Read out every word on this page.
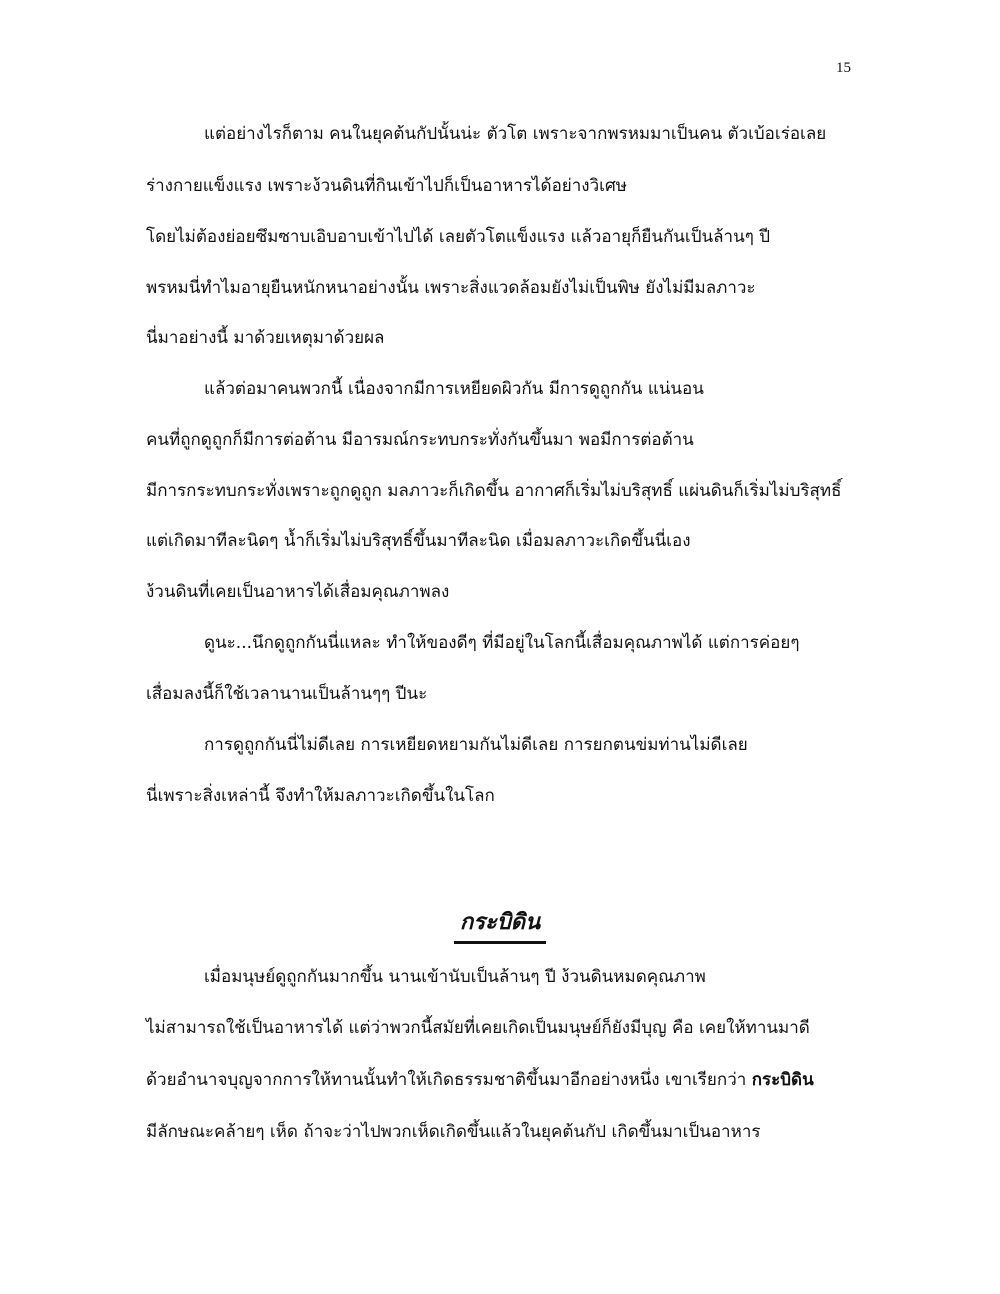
15
แต่อย่างไรก็ตาม คนในยุคต้นกัปนั้นน่ะ ตัวโต เพราะจากพรหมมาเป็นคน ตัวเบ้อเร่อเลย
ร่างกายแข็งแรง เพราะง้วนดินที่กินเข้าไปก็เป็นอาหารได้อย่างวิเศษ
โดยไม่ต้องย่อยซึมซาบเอิบอาบเข้าไปได้ เลยตัวโตแข็งแรง แล้วอายุก็ยืนกันเป็นล้านๆ ปี
พรหมนี่ทำไมอายุยืนหนักหนาอย่างนั้น เพราะสิ่งแวดล้อมยังไม่เป็นพิษ ยังไม่มีมลภาวะ
นี่มาอย่างนี้ มาด้วยเหตุมาด้วยผล
แล้วต่อมาคนพวกนี้ เนื่องจากมีการเหยียดผิวกัน มีการดูถูกกัน แน่นอน
คนที่ถูกดูถูกก็มีการต่อต้าน มีอารมณ์กระทบกระทั่งกันขึ้นมา พอมีการต่อต้าน
มีการกระทบกระทั่งเพราะถูกดูถูก มลภาวะก็เกิดขึ้น อากาศก็เริ่มไม่บริสุทธิ์ แผ่นดินก็เริ่มไม่บริสุทธิ์
แต่เกิดมาทีละนิดๆ น้ำก็เริ่มไม่บริสุทธิ์ขึ้นมาทีละนิด เมื่อมลภาวะเกิดขึ้นนี่เอง
ง้วนดินที่เคยเป็นอาหารได้เสื่อมคุณภาพลง
ดูนะ...นึกดูถูกกันนี่แหละ ทำให้ของดีๆ ที่มีอยู่ในโลกนี้เสื่อมคุณภาพได้ แต่การค่อยๆ
เสื่อมลงนี้ก็ใช้เวลานานเป็นล้านๆๆ ปีนะ
การดูถูกกันนี่ไม่ดีเลย การเหยียดหยามกันไม่ดีเลย การยกตนข่มท่านไม่ดีเลย
นี่เพราะสิ่งเหล่านี้ จึงทำให้มลภาวะเกิดขึ้นในโลก
กระบิดิน
เมื่อมนุษย์ดูถูกกันมากขึ้น นานเข้านับเป็นล้านๆ ปี ง้วนดินหมดคุณภาพ
ไม่สามารถใช้เป็นอาหารได้ แต่ว่าพวกนี้สมัยที่เคยเกิดเป็นมนุษย์ก็ยังมีบุญ คือ เคยให้ทานมาดี
ด้วยอำนาจบุญจากการให้ทานนั้นทำให้เกิดธรรมชาติขึ้นมาอีกอย่างหนึ่ง เขาเรียกว่า กระบิดิน
มีลักษณะคล้ายๆ เห็ด ถ้าจะว่าไปพวกเห็ดเกิดขึ้นแล้วในยุคต้นกัป เกิดขึ้นมาเป็นอาหาร
